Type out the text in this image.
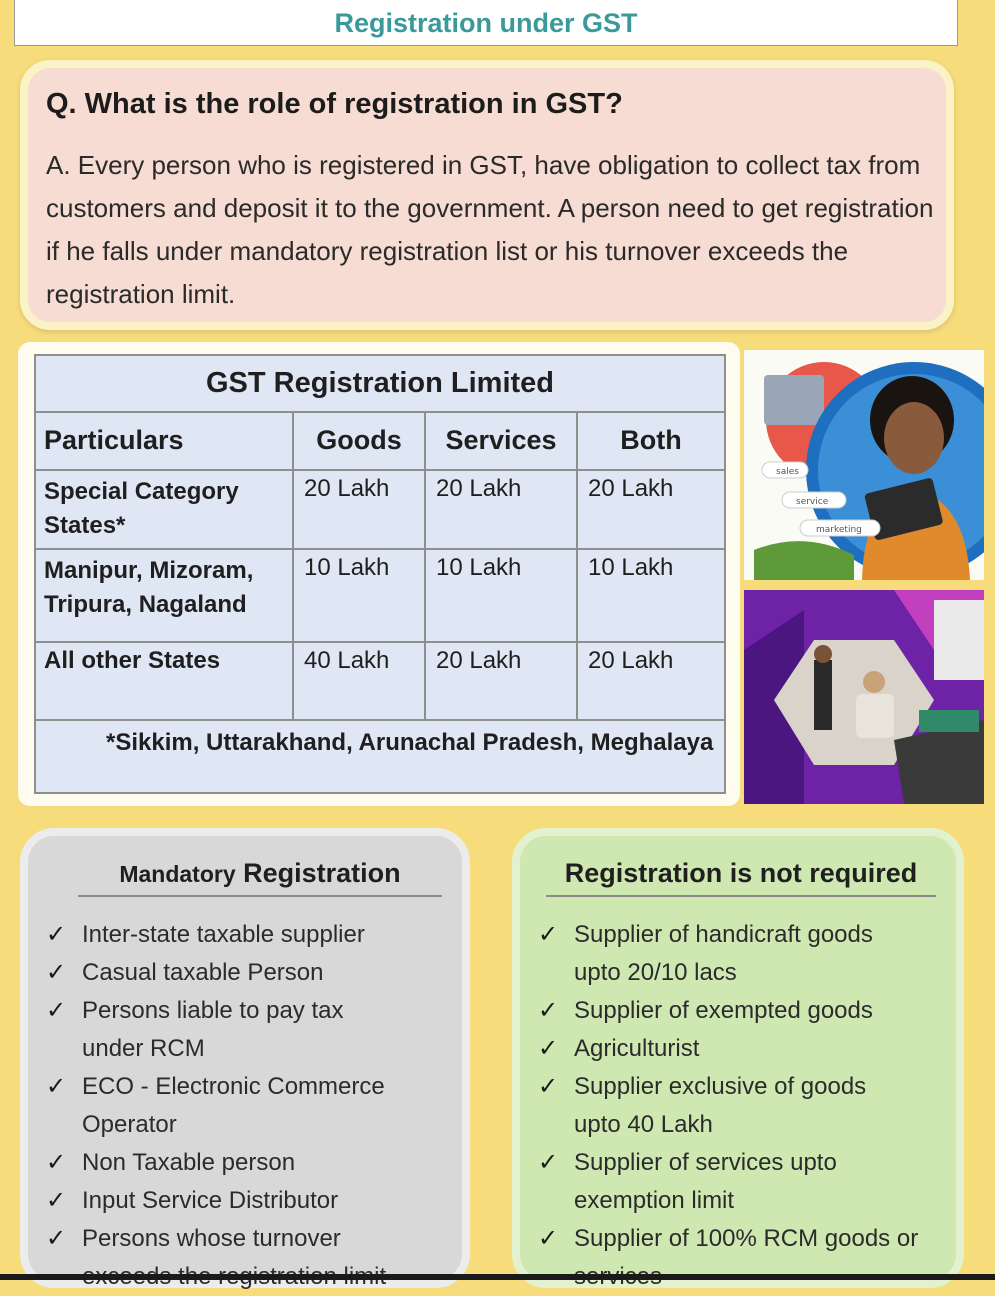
Registration under GST
Q. What is the role of registration in GST?
A. Every person who is registered in GST, have obligation to collect tax from customers and deposit it to the government. A person need to get registration if he falls under mandatory registration list or his turnover exceeds the registration limit.
GST Registration Limited			
Particulars	Goods	Services	Both
Special Category States*	20 Lakh	20 Lakh	20 Lakh
Manipur, Mizoram, Tripura, Nagaland	10 Lakh	10 Lakh	10 Lakh
All other States	40 Lakh	20 Lakh	20 Lakh
*Sikkim, Uttarakhand, Arunachal Pradesh, Meghalaya			
sales
service
marketing
Mandatory Registration
✓ Inter-state taxable supplier
✓ Casual taxable Person
✓ Persons liable to pay tax under RCM
✓ ECO - Electronic Commerce Operator
✓ Non Taxable person
✓ Input Service Distributor
✓ Persons whose turnover
Registration is not required
✓ Supplier of handicraft goods upto 20/10 lacs
✓ Supplier of exempted goods
✓ Agriculturist
✓ Supplier exclusive of goods upto 40 Lakh
✓ Supplier of services upto exemption limit
✓ Supplier of 100% RCM goods or
